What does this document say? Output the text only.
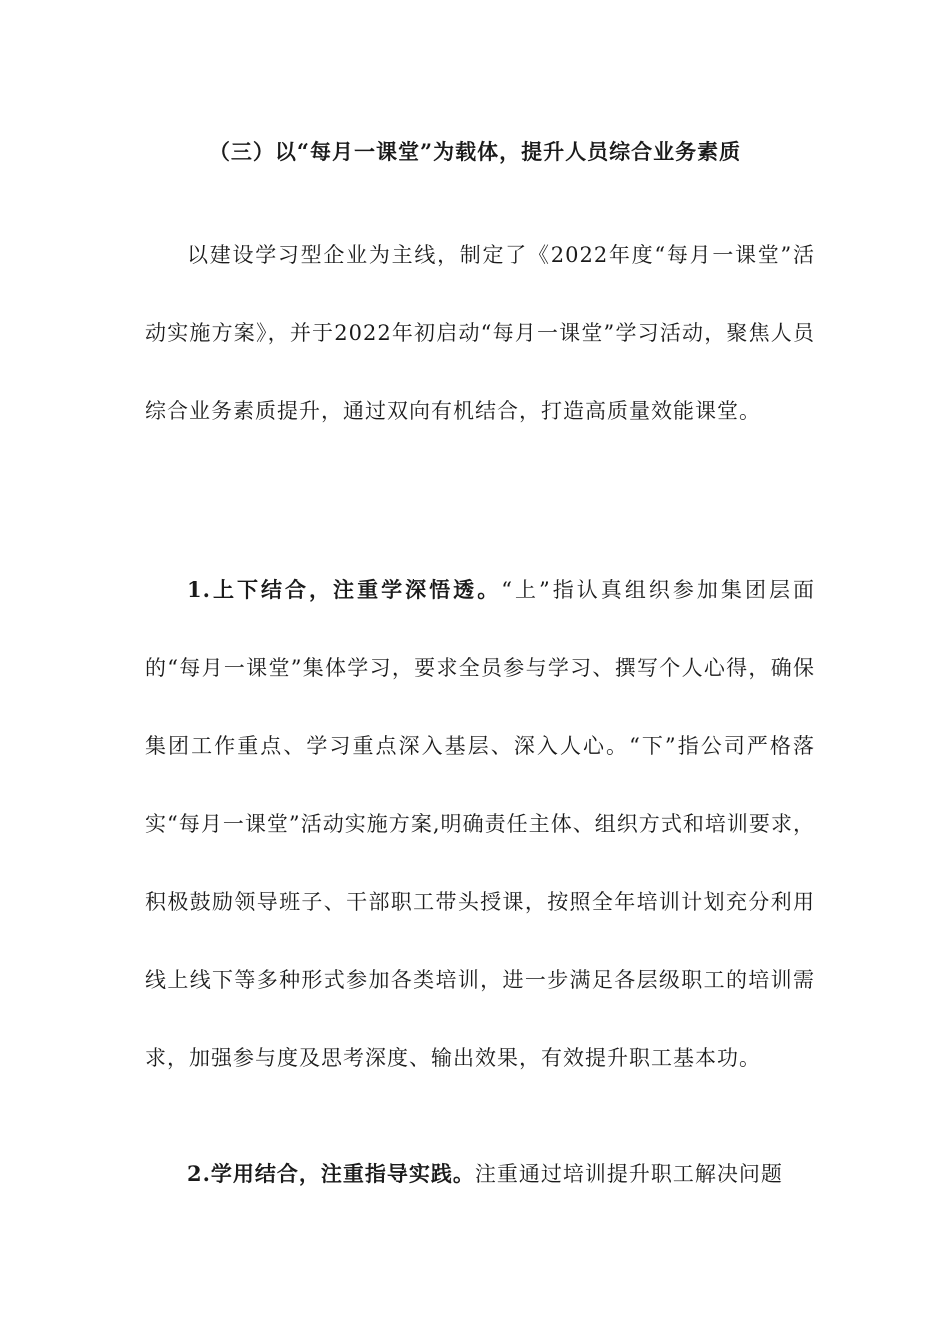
（三）以“每月一课堂”为载体，提升人员综合业务素质

以建设学习型企业为主线，制定了《2022年度“每月一课堂”活动实施方案》，并于2022年初启动“每月一课堂”学习活动，聚焦人员综合业务素质提升，通过双向有机结合，打造高质量效能课堂。

1.上下结合，注重学深悟透。“上”指认真组织参加集团层面的“每月一课堂”集体学习，要求全员参与学习、撰写个人心得，确保集团工作重点、学习重点深入基层、深入人心。“下”指公司严格落实“每月一课堂”活动实施方案,明确责任主体、组织方式和培训要求，积极鼓励领导班子、干部职工带头授课，按照全年培训计划充分利用线上线下等多种形式参加各类培训，进一步满足各层级职工的培训需求，加强参与度及思考深度、输出效果，有效提升职工基本功。

2.学用结合，注重指导实践。注重通过培训提升职工解决问题
